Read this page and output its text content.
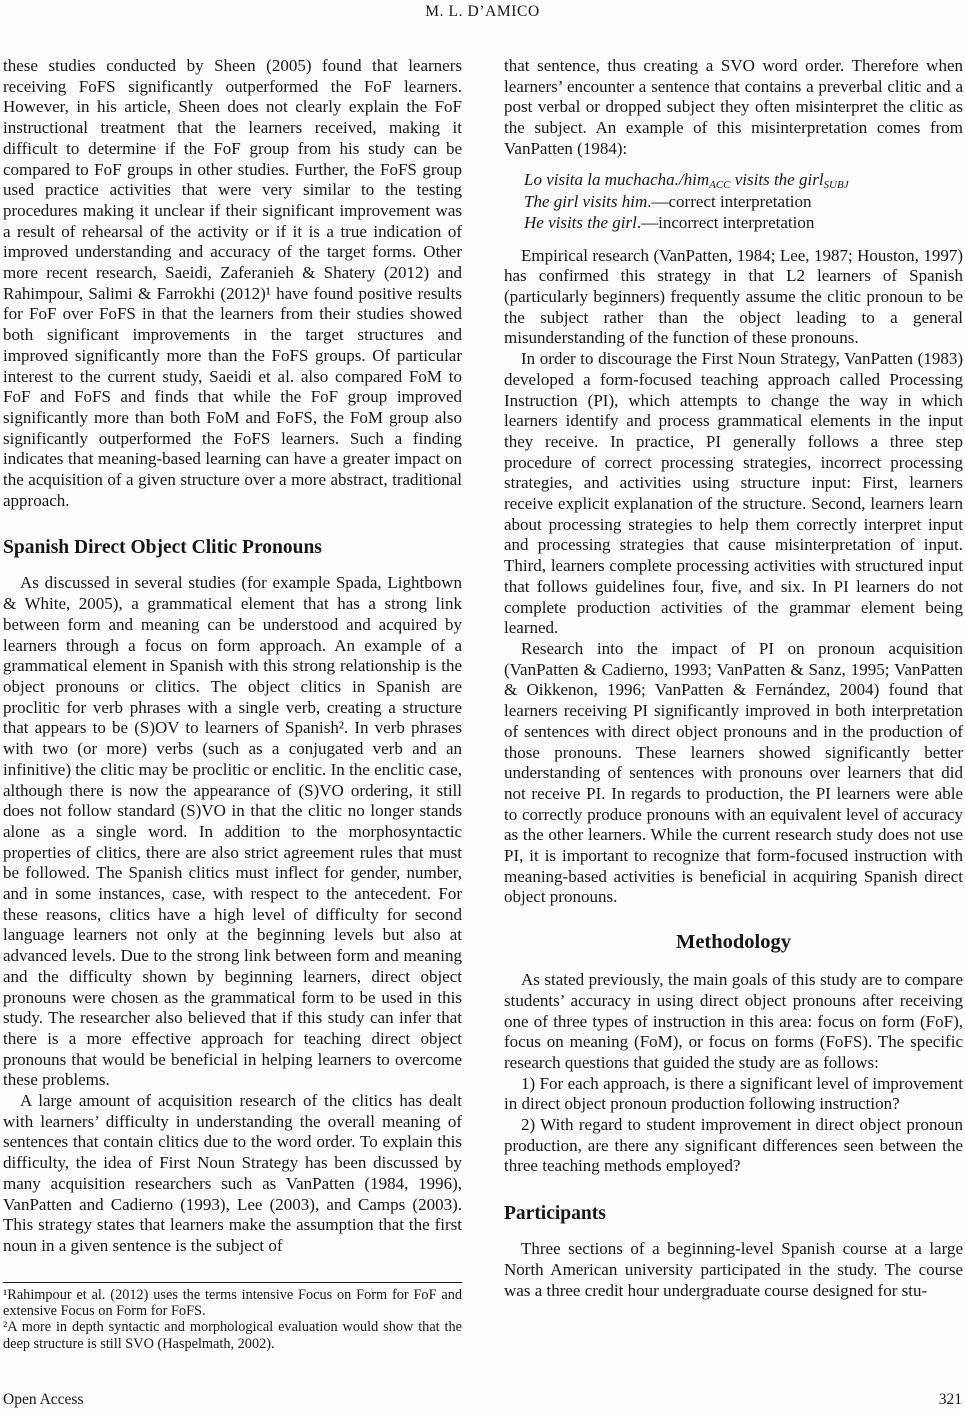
M. L. D’AMICO

these studies conducted by Sheen (2005) found that learners receiving FoFS significantly outperformed the FoF learners. However, in his article, Sheen does not clearly explain the FoF instructional treatment that the learners received, making it difficult to determine if the FoF group from his study can be compared to FoF groups in other studies. Further, the FoFS group used practice activities that were very similar to the testing procedures making it unclear if their significant improvement was a result of rehearsal of the activity or if it is a true indication of improved understanding and accuracy of the target forms. Other more recent research, Saeidi, Zaferanieh & Shatery (2012) and Rahimpour, Salimi & Farrokhi (2012)¹ have found positive results for FoF over FoFS in that the learners from their studies showed both significant improvements in the target structures and improved significantly more than the FoFS groups. Of particular interest to the current study, Saeidi et al. also compared FoM to FoF and FoFS and finds that while the FoF group improved significantly more than both FoM and FoFS, the FoM group also significantly outperformed the FoFS learners. Such a finding indicates that meaning-based learning can have a greater impact on the acquisition of a given structure over a more abstract, traditional approach.

Spanish Direct Object Clitic Pronouns

As discussed in several studies (for example Spada, Lightbown & White, 2005), a grammatical element that has a strong link between form and meaning can be understood and acquired by learners through a focus on form approach. An example of a grammatical element in Spanish with this strong relationship is the object pronouns or clitics. The object clitics in Spanish are proclitic for verb phrases with a single verb, creating a structure that appears to be (S)OV to learners of Spanish². In verb phrases with two (or more) verbs (such as a conjugated verb and an infinitive) the clitic may be proclitic or enclitic. In the enclitic case, although there is now the appearance of (S)VO ordering, it still does not follow standard (S)VO in that the clitic no longer stands alone as a single word. In addition to the morphosyntactic properties of clitics, there are also strict agreement rules that must be followed. The Spanish clitics must inflect for gender, number, and in some instances, case, with respect to the antecedent. For these reasons, clitics have a high level of difficulty for second language learners not only at the beginning levels but also at advanced levels. Due to the strong link between form and meaning and the difficulty shown by beginning learners, direct object pronouns were chosen as the grammatical form to be used in this study. The researcher also believed that if this study can infer that there is a more effective approach for teaching direct object pronouns that would be beneficial in helping learners to overcome these problems.

A large amount of acquisition research of the clitics has dealt with learners’ difficulty in understanding the overall meaning of sentences that contain clitics due to the word order. To explain this difficulty, the idea of First Noun Strategy has been discussed by many acquisition researchers such as VanPatten (1984, 1996), VanPatten and Cadierno (1993), Lee (2003), and Camps (2003). This strategy states that learners make the assumption that the first noun in a given sentence is the subject of

¹Rahimpour et al. (2012) uses the terms intensive Focus on Form for FoF and extensive Focus on Form for FoFS.

²A more in depth syntactic and morphological evaluation would show that the deep structure is still SVO (Haspelmath, 2002).

that sentence, thus creating a SVO word order. Therefore when learners’ encounter a sentence that contains a preverbal clitic and a post verbal or dropped subject they often misinterpret the clitic as the subject. An example of this misinterpretation comes from VanPatten (1984):

Lo visita la muchacha./himACC visits the girlSUBJ
The girl visits him.—correct interpretation
He visits the girl.—incorrect interpretation

Empirical research (VanPatten, 1984; Lee, 1987; Houston, 1997) has confirmed this strategy in that L2 learners of Spanish (particularly beginners) frequently assume the clitic pronoun to be the subject rather than the object leading to a general misunderstanding of the function of these pronouns.

In order to discourage the First Noun Strategy, VanPatten (1983) developed a form-focused teaching approach called Processing Instruction (PI), which attempts to change the way in which learners identify and process grammatical elements in the input they receive. In practice, PI generally follows a three step procedure of correct processing strategies, incorrect processing strategies, and activities using structure input: First, learners receive explicit explanation of the structure. Second, learners learn about processing strategies to help them correctly interpret input and processing strategies that cause misinterpretation of input. Third, learners complete processing activities with structured input that follows guidelines four, five, and six. In PI learners do not complete production activities of the grammar element being learned.

Research into the impact of PI on pronoun acquisition (VanPatten & Cadierno, 1993; VanPatten & Sanz, 1995; VanPatten & Oikkenon, 1996; VanPatten & Fernández, 2004) found that learners receiving PI significantly improved in both interpretation of sentences with direct object pronouns and in the production of those pronouns. These learners showed significantly better understanding of sentences with pronouns over learners that did not receive PI. In regards to production, the PI learners were able to correctly produce pronouns with an equivalent level of accuracy as the other learners. While the current research study does not use PI, it is important to recognize that form-focused instruction with meaning-based activities is beneficial in acquiring Spanish direct object pronouns.

Methodology

As stated previously, the main goals of this study are to compare students’ accuracy in using direct object pronouns after receiving one of three types of instruction in this area: focus on form (FoF), focus on meaning (FoM), or focus on forms (FoFS). The specific research questions that guided the study are as follows:

1) For each approach, is there a significant level of improvement in direct object pronoun production following instruction?

2) With regard to student improvement in direct object pronoun production, are there any significant differences seen between the three teaching methods employed?

Participants

Three sections of a beginning-level Spanish course at a large North American university participated in the study. The course was a three credit hour undergraduate course designed for stu-

Open Access	321
